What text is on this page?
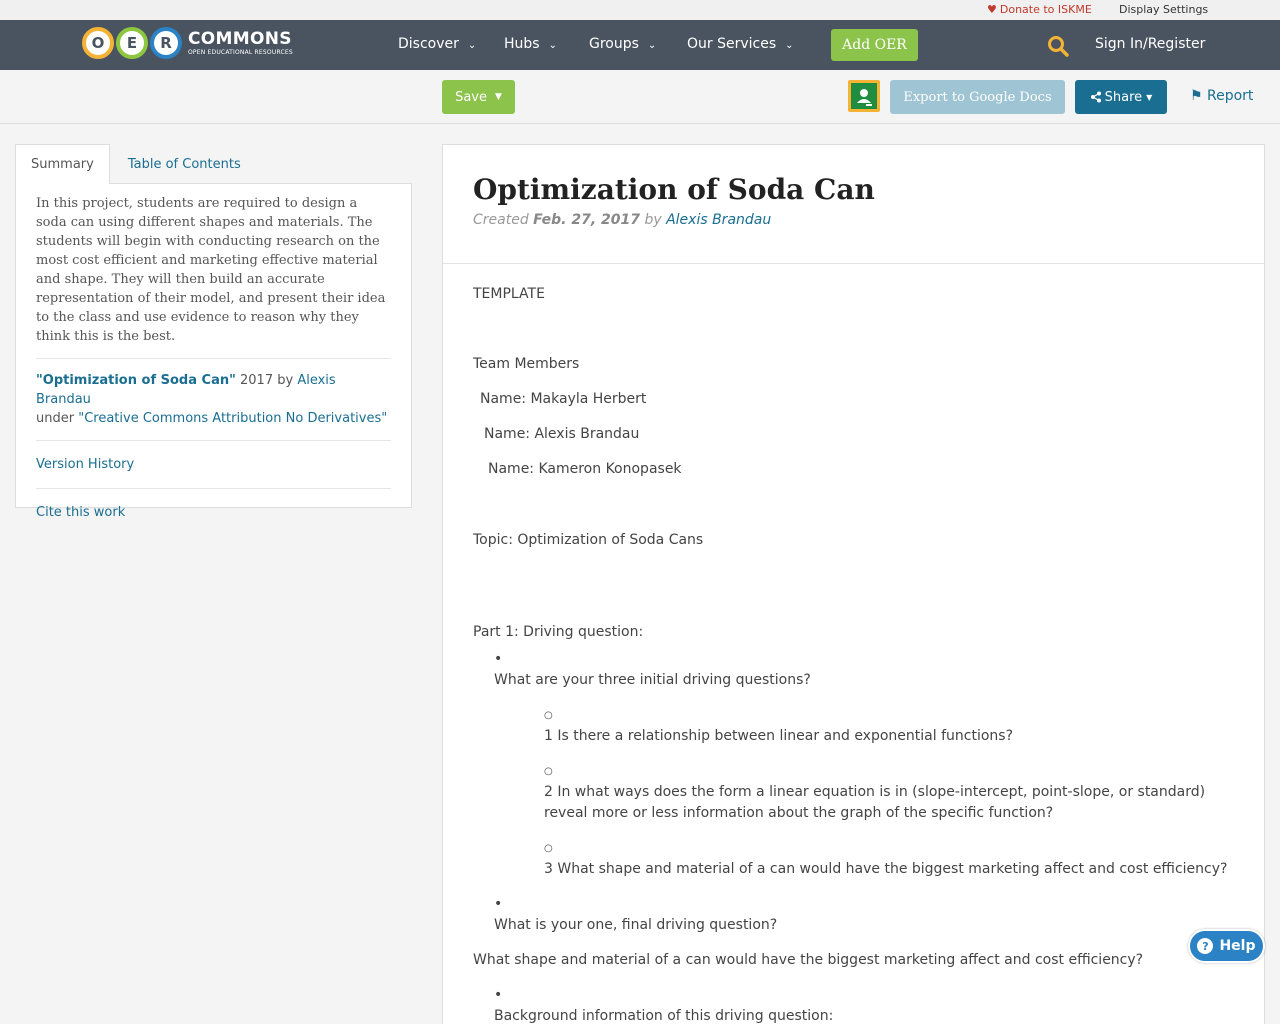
♥ Donate to ISKME Display Settings
O	E	R COMMONS
OPEN EDUCATIONAL RESOURCES	Discover ⌄ Hubs ⌄ Groups ⌄ Our Services ⌄	Add OER	Sign In/Register
Save ▼	Export to Google Docs	Share ▼	⚑ Report
Summary	Table of Contents
In this project, students are required to design a soda can using different shapes and materials. The students will begin with conducting research on the most cost efficient and marketing effective material and shape. They will then build an accurate representation of their model, and present their idea to the class and use evidence to reason why they think this is the best.
"Optimization of Soda Can" 2017 by Alexis Brandau
under "Creative Commons Attribution No Derivatives"
Version History
Cite this work
Optimization of Soda Can
Created Feb. 27, 2017 by Alexis Brandau
TEMPLATE
Team Members
Name: Makayla Herbert
Name: Alexis Brandau
Name: Kameron Konopasek
Topic: Optimization of Soda Cans
Part 1: Driving question:
•
What are your three initial driving questions?
○
1 Is there a relationship between linear and exponential functions?
○
2 In what ways does the form a linear equation is in (slope-intercept, point-slope, or standard) reveal more or less information about the graph of the specific function?
○
3 What shape and material of a can would have the biggest marketing affect and cost efficiency?
•
What is your one, final driving question?
What shape and material of a can would have the biggest marketing affect and cost efficiency?
•
Background information of this driving question:
? Help
